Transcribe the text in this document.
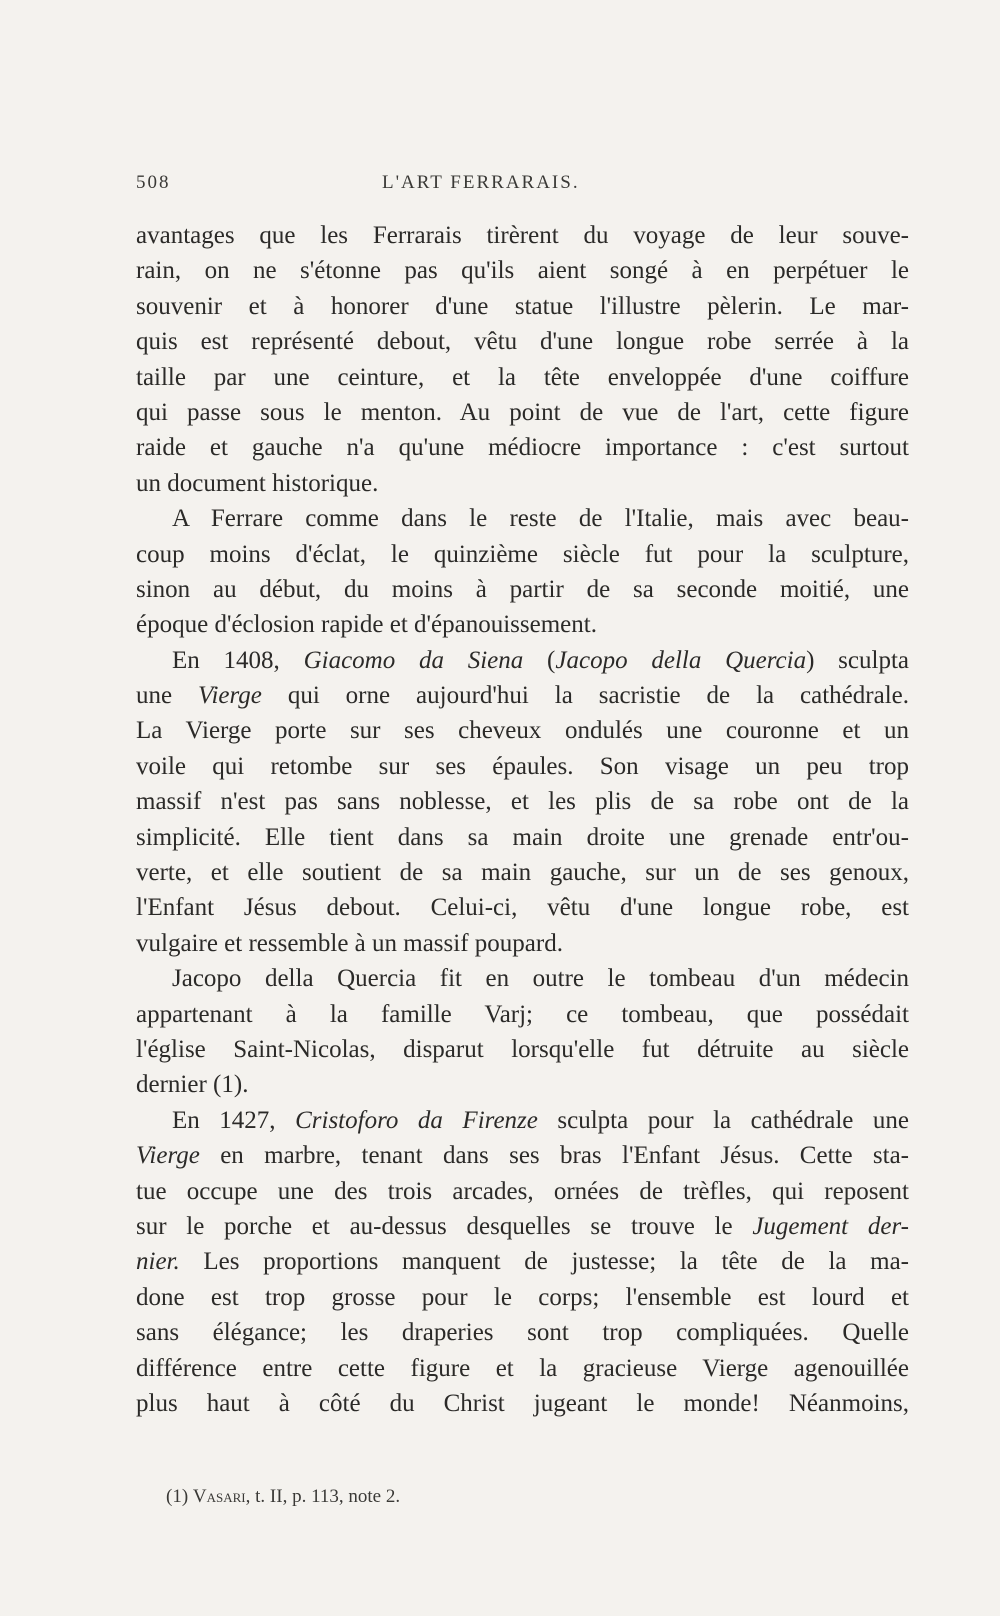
508	L'ART FERRARAIS.
avantages que les Ferrarais tirèrent du voyage de leur souve-
rain, on ne s'étonne pas qu'ils aient songé à en perpétuer le
souvenir et à honorer d'une statue l'illustre pèlerin. Le mar-
quis est représenté debout, vêtu d'une longue robe serrée à la
taille par une ceinture, et la tête enveloppée d'une coiffure
qui passe sous le menton. Au point de vue de l'art, cette figure
raide et gauche n'a qu'une médiocre importance : c'est surtout
un document historique.
A Ferrare comme dans le reste de l'Italie, mais avec beau-
coup moins d'éclat, le quinzième siècle fut pour la sculpture,
sinon au début, du moins à partir de sa seconde moitié, une
époque d'éclosion rapide et d'épanouissement.
En 1408, Giacomo da Siena (Jacopo della Quercia) sculpta
une Vierge qui orne aujourd'hui la sacristie de la cathédrale.
La Vierge porte sur ses cheveux ondulés une couronne et un
voile qui retombe sur ses épaules. Son visage un peu trop
massif n'est pas sans noblesse, et les plis de sa robe ont de la
simplicité. Elle tient dans sa main droite une grenade entr'ou-
verte, et elle soutient de sa main gauche, sur un de ses genoux,
l'Enfant Jésus debout. Celui-ci, vêtu d'une longue robe, est
vulgaire et ressemble à un massif poupard.
Jacopo della Quercia fit en outre le tombeau d'un médecin
appartenant à la famille Varj; ce tombeau, que possédait
l'église Saint-Nicolas, disparut lorsqu'elle fut détruite au siècle
dernier (1).
En 1427, Cristoforo da Firenze sculpta pour la cathédrale une
Vierge en marbre, tenant dans ses bras l'Enfant Jésus. Cette sta-
tue occupe une des trois arcades, ornées de trèfles, qui reposent
sur le porche et au-dessus desquelles se trouve le Jugement der-
nier. Les proportions manquent de justesse; la tête de la ma-
done est trop grosse pour le corps; l'ensemble est lourd et
sans élégance; les draperies sont trop compliquées. Quelle
différence entre cette figure et la gracieuse Vierge agenouillée
plus haut à côté du Christ jugeant le monde! Néanmoins,
(1) Vasari, t. II, p. 113, note 2.
